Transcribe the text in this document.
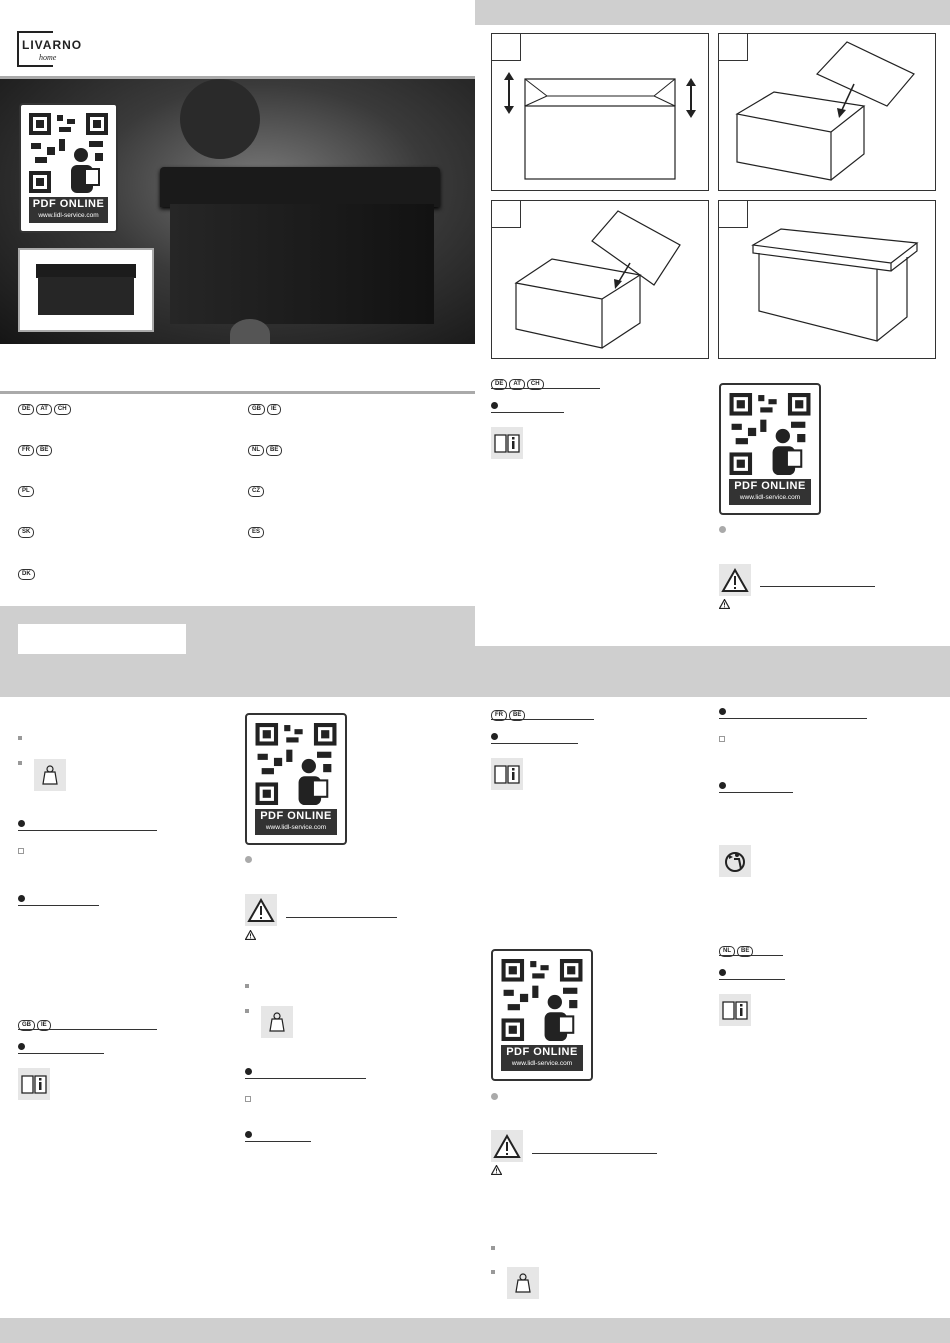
LIVARNO
home
PDF ONLINE
www.lidl-service.com
DE AT CH	GB IE
FR BE	NL BE
PL	CZ
SK	ES
DK
DE AT CH
PDF ONLINE
www.lidl-service.com
GB IE
PDF ONLINE
www.lidl-service.com
FR BE
PDF ONLINE
www.lidl-service.com
NL BE
